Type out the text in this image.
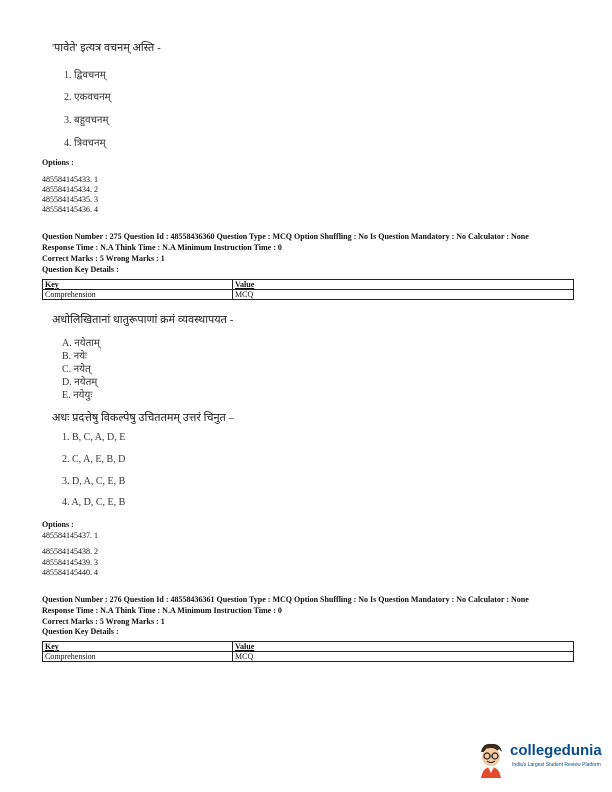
'पावेते' इत्यत्र वचनम् अस्ति -
1. द्विवचनम्
2. एकवचनम्
3. बहुवचनम्
4. त्रिवचनम्
Options :
485584145433. 1
485584145434. 2
485584145435. 3
485584145436. 4
Question Number : 275 Question Id : 48558436360 Question Type : MCQ Option Shuffling : No Is Question Mandatory : No Calculator : None
Response Time : N.A Think Time : N.A Minimum Instruction Time : 0
Correct Marks : 5 Wrong Marks : 1
Question Key Details :
Key	Value
Comprehension	MCQ
अधोलिखितानां धातुरूपाणां क्रमं व्यवस्थापयत -
A. नयेताम्
B. नयेः
C. नयेत्
D. नयेतम्
E. नयेयुः
अधः प्रदत्तेषु विकल्पेषु उचिततमम् उत्तरं चिनुत –
1. B, C, A, D, E
2. C, A, E, B, D
3. D, A, C, E, B
4. A, D, C, E, B
Options :
485584145437. 1
485584145438. 2
485584145439. 3
485584145440. 4
Question Number : 276 Question Id : 48558436361 Question Type : MCQ Option Shuffling : No Is Question Mandatory : No Calculator : None
Response Time : N.A Think Time : N.A Minimum Instruction Time : 0
Correct Marks : 5 Wrong Marks : 1
Question Key Details :
Key	Value
Comprehension	MCQ
collegedunia
India's Largest Student Review Platform
